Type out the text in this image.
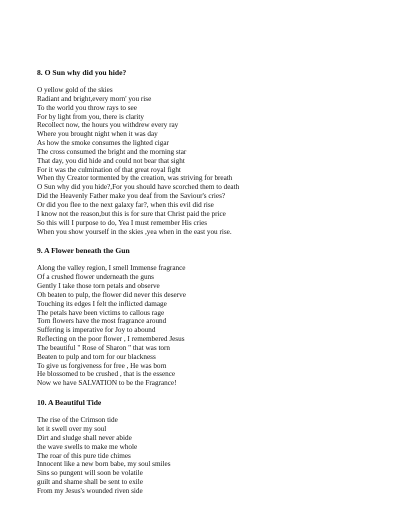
8. O Sun why did you hide?
O yellow gold of the skies
Radiant and bright,every morn' you rise
To the world you throw rays to see
For by light from you, there is clarity
Recollect now, the hours you withdrew every ray
Where you brought night when it was day
As how the smoke consumes the lighted cigar
The cross consumed the bright and the morning star
That day, you did hide and could not bear that sight
For it was the culmination of that great royal fight
When thy Creator tormented by the creation, was striving for breath
O Sun why did you hide?,For you should have scorched them to death
Did the Heavenly Father make you deaf from the Saviour's cries?
Or did you flee to the next galaxy far?, when this evil did rise
I know not the reason,but this is for sure that Christ paid the price
So this will I purpose to do, Yea I must remember His cries
When you show yourself in the skies ,yea when in the east you rise.
9. A Flower beneath the Gun
Along the valley region, I smell Immense fragrance
Of a crushed flower underneath the guns
Gently I take those torn petals and observe
Oh beaten to pulp, the flower did never this deserve
Touching its edges I felt the inflicted damage
The petals have been victims to callous rage
Torn flowers have the most fragrance around
Suffering is imperative for Joy to abound
Reflecting on the poor flower , I remembered Jesus
The beautiful " Rose of Sharon " that was torn
Beaten to pulp and torn for our blackness
To give us forgiveness for free , He was born
He blossomed to be crushed , that is the essence
Now we have SALVATION to be the Fragrance!
10. A Beautiful Tide
The rise of the Crimson tide
let it swell over my soul
Dirt and sludge shall never abide
the wave swells to make me whole
The roar of this pure tide chimes
Innocent like a new born babe, my soul smiles
Sins so pungent will soon be volatile
guilt and shame shall be sent to exile
From my Jesus's wounded riven side
